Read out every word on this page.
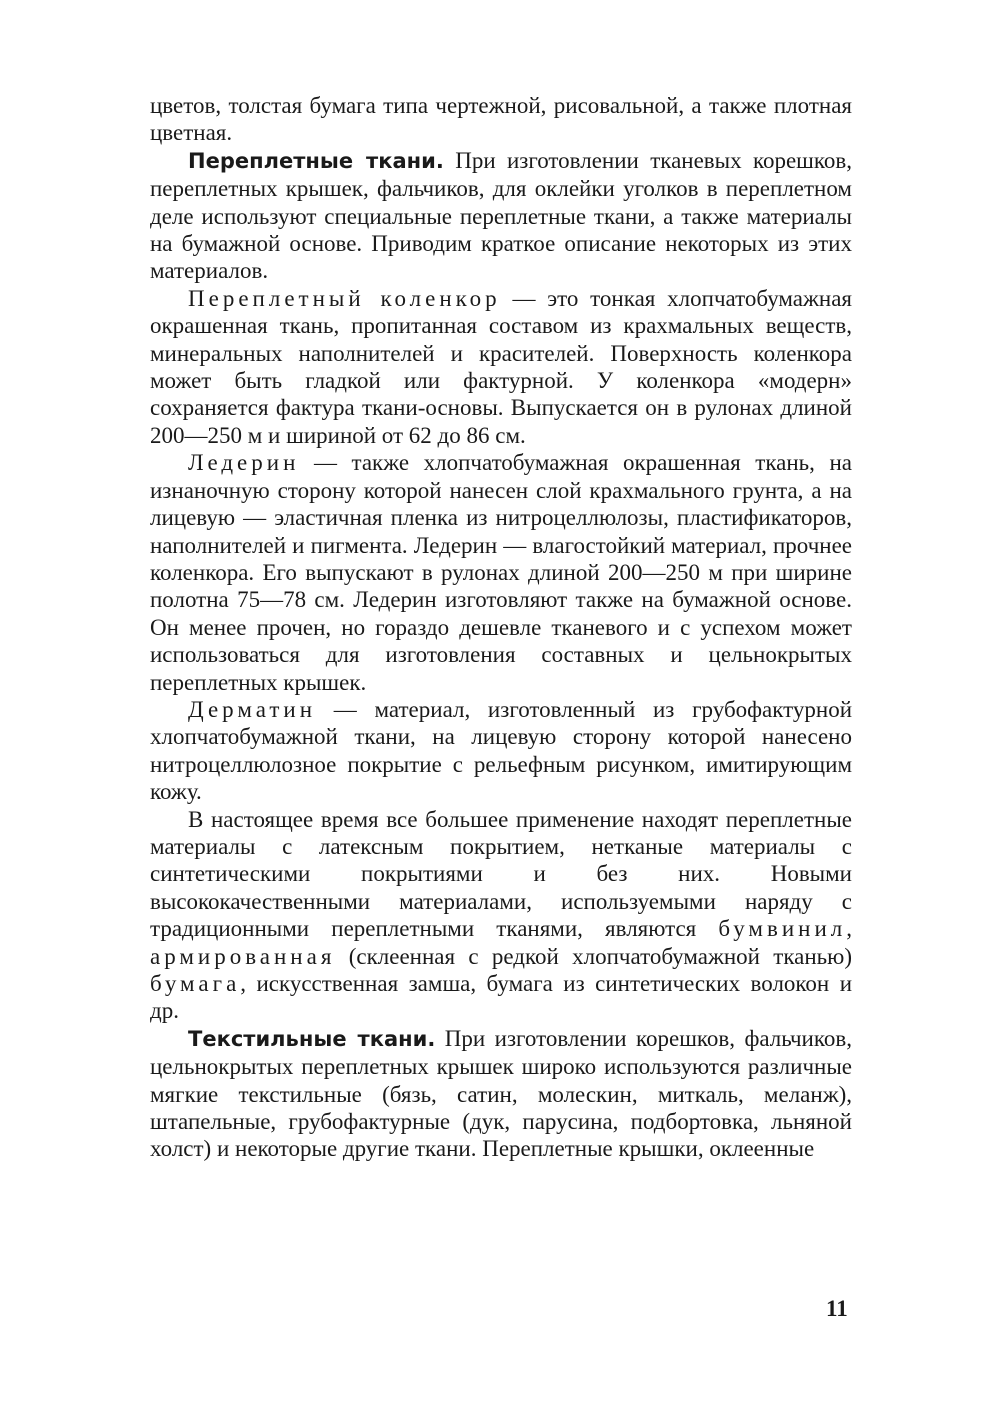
цветов, толстая бумага типа чертежной, рисовальной, а также плотная цветная.

Переплетные ткани. При изготовлении тканевых корешков, переплетных крышек, фальчиков, для оклейки уголков в переплетном деле используют специальные переплетные ткани, а также материалы на бумажной основе. Приводим краткое описание некоторых из этих материалов.

Переплетный коленкор — это тонкая хлопчатобумажная окрашенная ткань, пропитанная составом из крахмальных веществ, минеральных наполнителей и красителей. Поверхность коленкора может быть гладкой или фактурной. У коленкора «модерн» сохраняется фактура ткани-основы. Выпускается он в рулонах длиной 200—250 м и шириной от 62 до 86 см.

Ледерин — также хлопчатобумажная окрашенная ткань, на изнаночную сторону которой нанесен слой крахмального грунта, а на лицевую — эластичная пленка из нитроцеллюлозы, пластификаторов, наполнителей и пигмента. Ледерин — влагостойкий материал, прочнее коленкора. Его выпускают в рулонах длиной 200—250 м при ширине полотна 75—78 см. Ледерин изготовляют также на бумажной основе. Он менее прочен, но гораздо дешевле тканевого и с успехом может использоваться для изготовления составных и цельнокрытых переплетных крышек.

Дерматин — материал, изготовленный из грубофактурной хлопчатобумажной ткани, на лицевую сторону которой нанесено нитроцеллюлозное покрытие с рельефным рисунком, имитирующим кожу.

В настоящее время все большее применение находят переплетные материалы с латексным покрытием, нетканые материалы с синтетическими покрытиями и без них. Новыми высококачественными материалами, используемыми наряду с традиционными переплетными тканями, являются бумвинил, армированная (склеенная с редкой хлопчатобумажной тканью) бумага, искусственная замша, бумага из синтетических волокон и др.

Текстильные ткани. При изготовлении корешков, фальчиков, цельнокрытых переплетных крышек широко используются различные мягкие текстильные (бязь, сатин, молескин, миткаль, меланж), штапельные, грубофактурные (дук, парусина, подбортовка, льняной холст) и некоторые другие ткани. Переплетные крышки, оклеенные

11
